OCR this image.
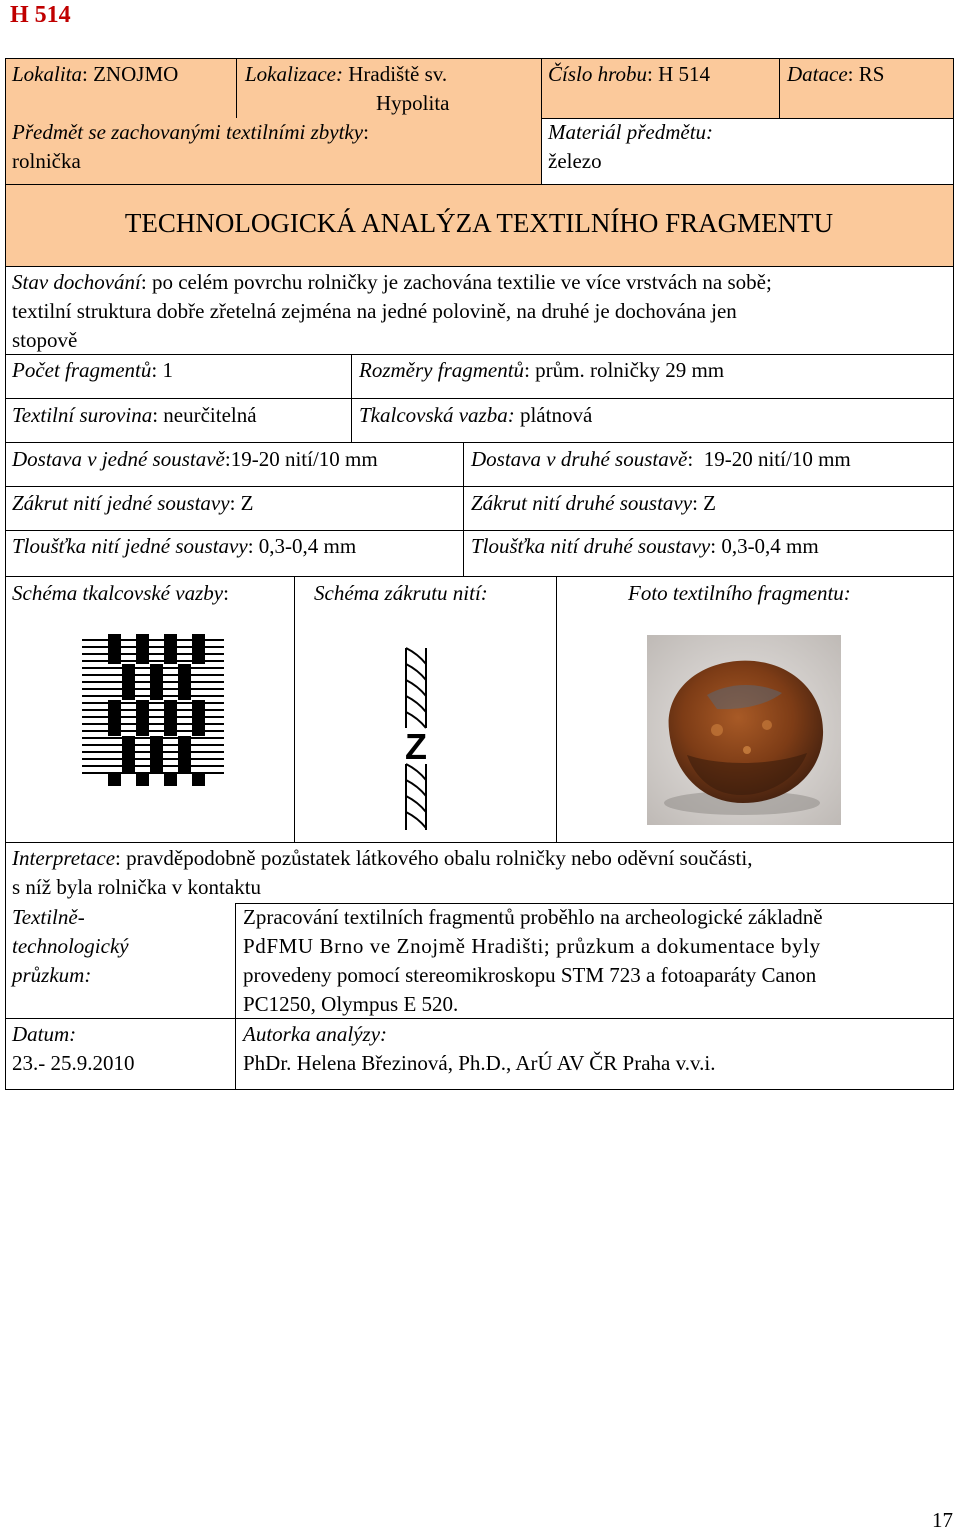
H 514
Lokalita: ZNOJMO	Lokalizace: Hradiště sv.
Hypolita
Číslo hrobu: H 514	Datace: RS
Předmět se zachovanými textilními zbytky:
rolnička
Materiál předmětu:
železo
TECHNOLOGICKÁ ANALÝZA TEXTILNÍHO FRAGMENTU
Stav dochování: po celém povrchu rolničky je zachována textilie ve více vrstvách na sobě;
textilní struktura dobře zřetelná zejména na jedné polovině, na druhé je dochována jen
stopově
Počet fragmentů: 1	Rozměry fragmentů: prům. rolničky 29 mm
Textilní surovina: neurčitelná	Tkalcovská vazba: plátnová
Dostava v jedné soustavě:19-20 nití/10 mm	Dostava v druhé soustavě:  19-20 nití/10 mm
Zákrut nití jedné soustavy: Z	Zákrut nití druhé soustavy: Z
Tloušťka nití jedné soustavy: 0,3-0,4 mm	Tloušťka nití druhé soustavy: 0,3-0,4 mm
Schéma tkalcovské vazby:	Schéma zákrutu nití:	Foto textilního fragmentu:
Z
Interpretace: pravděpodobně pozůstatek látkového obalu rolničky nebo oděvní součásti,
s níž byla rolnička v kontaktu
Textilně-
technologický
průzkum:
Zpracování textilních fragmentů proběhlo na archeologické základně
PdFMU Brno ve Znojmě Hradišti; průzkum a dokumentace byly
provedeny pomocí stereomikroskopu STM 723 a fotoaparáty Canon
PC1250, Olympus E 520.
Datum:
23.- 25.9.2010
Autorka analýzy:
PhDr. Helena Březinová, Ph.D., ArÚ AV ČR Praha v.v.i.
17
